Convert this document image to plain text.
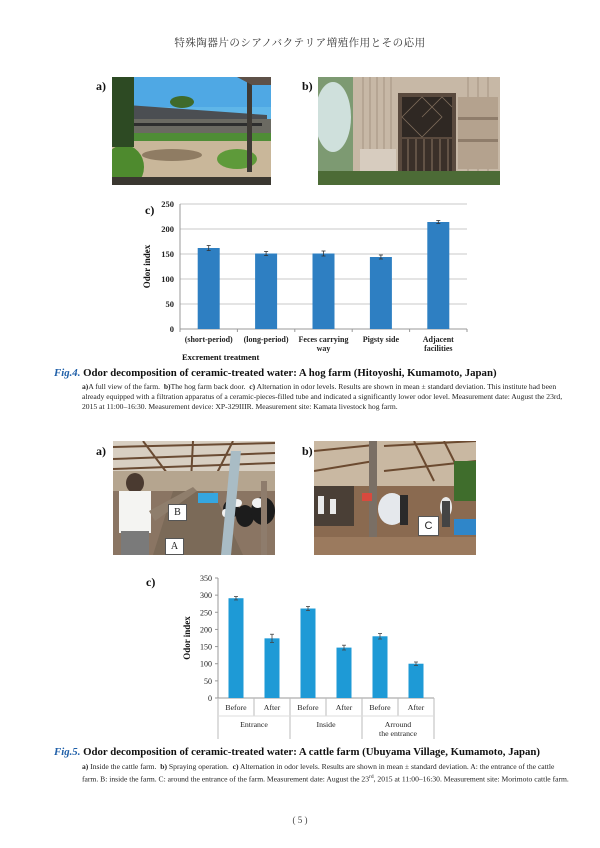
特殊陶器片のシアノバクテリア増殖作用とその応用
a)	b)
c)
0
50
100
150
200
250
(short-period) (long-period) Feces carrying
way
Pigsty side	Adjacent
facilities
Excrement treatment
Odor index
Fig.4. Odor decomposition of ceramic-treated water: A hog farm (Hitoyoshi, Kumamoto, Japan)
a)A full view of the farm. b)The hog farm back door. c) Alternation in odor levels. Results are shown in mean ± standard deviation. This institute had been already equipped with a filtration apparatus of a ceramic-pieces-filled tube and indicated a significantly lower odor level. Measurement date: August the 23rd, 2015 at 11:00–16:30. Measurement device: XP-329IIIR. Measurement site: Kamata livestock hog farm.
a)
B
A
b)
C
c)
0
50
100
150
200
250
300
350
Before After Before After Before After
Entrance	Inside	Arround
the entrance
Odor index
Fig.5. Odor decomposition of ceramic-treated water: A cattle farm (Ubuyama Village, Kumamoto, Japan)
a) Inside the cattle farm. b) Spraying operation. c) Alternation in odor levels. Results are shown in mean ± standard deviation. A: the entrance of the cattle farm. B: inside the farm. C: around the entrance of the farm. Measurement date: August the 23rd, 2015 at 11:00–16:30. Measurement site: Morimoto cattle farm.
( 5 )
